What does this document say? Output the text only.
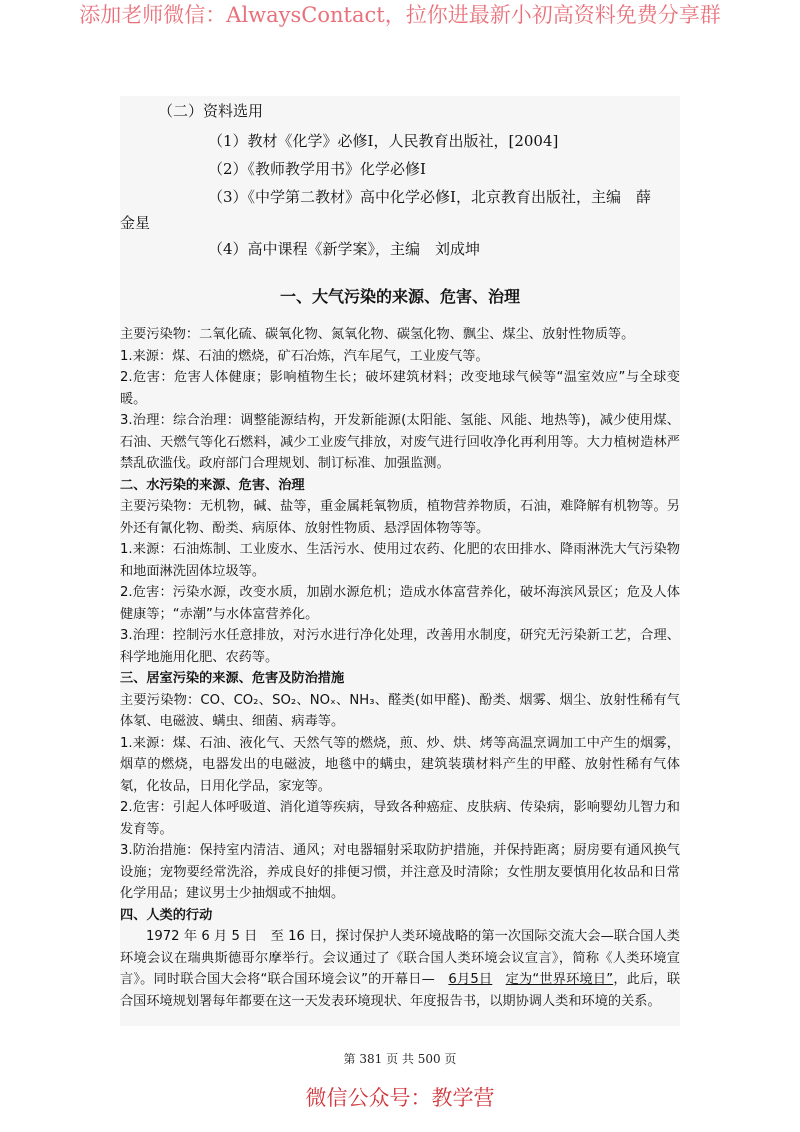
添加老师微信：AlwaysContact，拉你进最新小初高资料免费分享群
（二）资料选用
（1）教材《化学》必修Ⅰ，人民教育出版社，[2004]
（2）《教师教学用书》化学必修Ⅰ
（3）《中学第二教材》高中化学必修Ⅰ，北京教育出版社，主编　薛
金星
（4）高中课程《新学案》，主编　刘成坤
一、大气污染的来源、危害、治理

主要污染物：二氧化硫、碳氧化物、氮氧化物、碳氢化物、飘尘、煤尘、放射性物质等。

1.来源：煤、石油的燃烧，矿石冶炼，汽车尾气，工业废气等。

2.危害：危害人体健康；影响植物生长；破坏建筑材料；改变地球气候等“温室效应”与全球变暖。

3.治理：综合治理：调整能源结构，开发新能源(太阳能、氢能、风能、地热等)，减少使用煤、石油、天燃气等化石燃料，减少工业废气排放，对废气进行回收净化再利用等。大力植树造林严禁乱砍滥伐。政府部门合理规划、制订标准、加强监测。

二、水污染的来源、危害、治理

主要污染物：无机物，碱、盐等，重金属耗氧物质，植物营养物质，石油，难降解有机物等。另外还有氰化物、酚类、病原体、放射性物质、悬浮固体物等等。

1.来源：石油炼制、工业废水、生活污水、使用过农药、化肥的农田排水、降雨淋洗大气污染物和地面淋洗固体垃圾等。

2.危害：污染水源，改变水质，加剧水源危机；造成水体富营养化，破坏海滨风景区；危及人体健康等；“赤潮”与水体富营养化。

3.治理：控制污水任意排放，对污水进行净化处理，改善用水制度，研究无污染新工艺，合理、科学地施用化肥、农药等。

三、居室污染的来源、危害及防治措施

主要污染物：CO、CO₂、SO₂、NOₓ、NH₃、醛类(如甲醛)、酚类、烟雾、烟尘、放射性稀有气体氡、电磁波、螨虫、细菌、病毒等。

1.来源：煤、石油、液化气、天然气等的燃烧，煎、炒、烘、烤等高温烹调加工中产生的烟雾，烟草的燃烧，电器发出的电磁波，地毯中的螨虫，建筑装璜材料产生的甲醛、放射性稀有气体氡，化妆品，日用化学品，家宠等。

2.危害：引起人体呼吸道、消化道等疾病，导致各种癌症、皮肤病、传染病，影响婴幼儿智力和发育等。

3.防治措施：保持室内清洁、通风；对电器辐射采取防护措施，并保持距离；厨房要有通风换气设施；宠物要经常洗浴，养成良好的排便习惯，并注意及时清除；女性朋友要慎用化妆品和日常化学用品；建议男士少抽烟或不抽烟。

四、人类的行动

1972 年 6 月 5 日　至 16 日，探讨保护人类环境战略的第一次国际交流大会—联合国人类环境会议在瑞典斯德哥尔摩举行。会议通过了《联合国人类环境会议宣言》，简称《人类环境宣言》。同时联合国大会将“联合国环境会议”的开幕日—　6月5日　 定为“世界环境日”，此后，联合国环境规划署每年都要在这一天发表环境现状、年度报告书，以期协调人类和环境的关系。

第 381 页 共 500 页
微信公众号：教学营
